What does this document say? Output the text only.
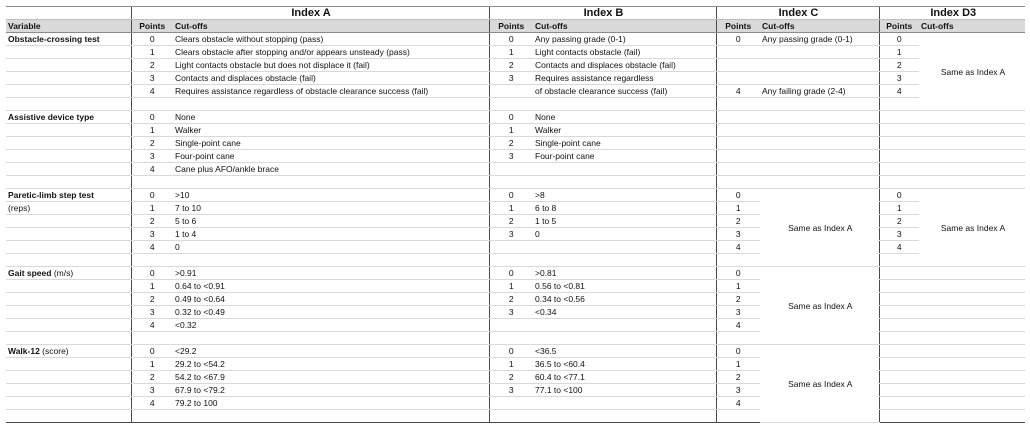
	Index A		Index B		Index C		Index D3	
Variable	Points	Cut-offs	Points	Cut-offs	Points	Cut-offs	Points	Cut-offs
Obstacle-crossing test	0	Clears obstacle without stopping (pass)	0	Any passing grade (0-1)	0	Any passing grade (0-1)	0	Same as Index A
	1	Clears obstacle after stopping and/or appears unsteady (pass)	1	Light contacts obstacle (fail)			1	
	2	Light contacts obstacle but does not displace it (fail)	2	Contacts and displaces obstacle (fail)			2	
	3	Contacts and displaces obstacle (fail)	3	Requires assistance regardless			3	
	4	Requires assistance regardless of obstacle clearance success (fail)		of obstacle clearance success (fail)	4	Any failing grade (2-4)	4	

Assistive device type	0	None	0	None				
	1	Walker	1	Walker				
	2	Single-point cane	2	Single-point cane				
	3	Four-point cane	3	Four-point cane				
	4	Cane plus AFO/ankle brace						

Paretic-limb step test	0	>10	0	>8	0	Same as Index A	0	Same as Index A
(reps)	1	7 to 10	1	6 to 8	1		1	
	2	5 to 6	2	1 to 5	2		2	
	3	1 to 4	3	0	3		3	
	4	0			4		4	

Gait speed (m/s)	0	>0.91	0	>0.81	0	Same as Index A		
	1	0.64 to <0.91	1	0.56 to <0.81	1			
	2	0.49 to <0.64	2	0.34 to <0.56	2			
	3	0.32 to <0.49	3	<0.34	3			
	4	<0.32			4			

Walk-12 (score)	0	<29.2	0	<36.5	0	Same as Index A		
	1	29.2 to <54.2	1	36.5 to <60.4	1			
	2	54.2 to <67.9	2	60.4 to <77.1	2			
	3	67.9 to <79.2	3	77.1 to <100	3			
	4	79.2 to 100			4			
